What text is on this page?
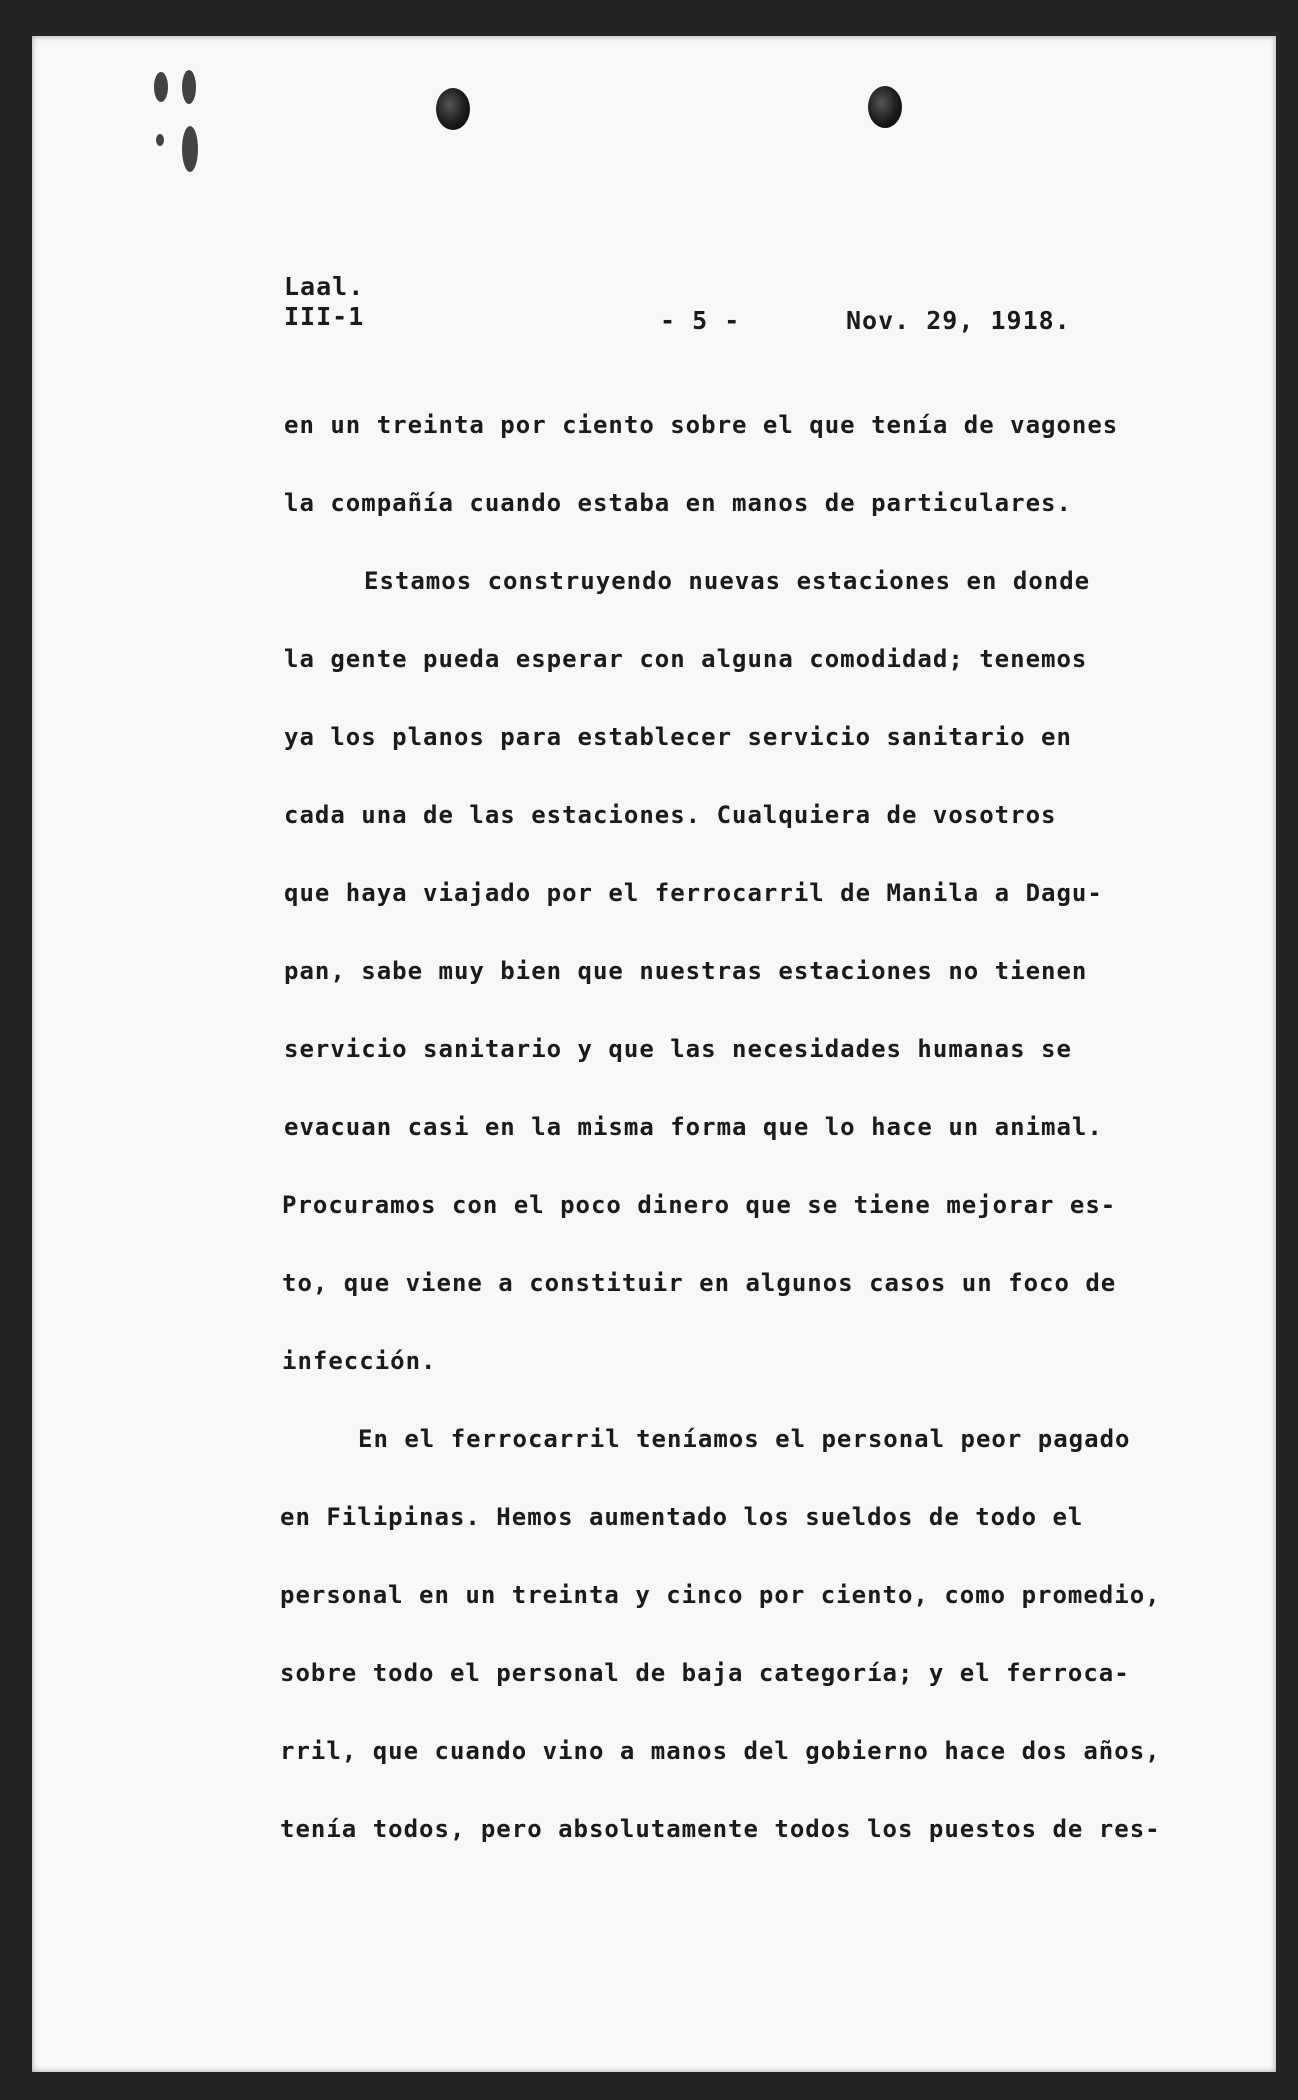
Laal.
III-1	- 5 -	Nov. 29, 1918.
en un treinta por ciento sobre el que tenía de vagones
la compañía cuando estaba en manos de particulares.
Estamos construyendo nuevas estaciones en donde
la gente pueda esperar con alguna comodidad; tenemos
ya los planos para establecer servicio sanitario en
cada una de las estaciones. Cualquiera de vosotros
que haya viajado por el ferrocarril de Manila a Dagu-
pan, sabe muy bien que nuestras estaciones no tienen
servicio sanitario y que las necesidades humanas se
evacuan casi en la misma forma que lo hace un animal.
Procuramos con el poco dinero que se tiene mejorar es-
to, que viene a constituir en algunos casos un foco de
infección.
En el ferrocarril teníamos el personal peor pagado
en Filipinas. Hemos aumentado los sueldos de todo el
personal en un treinta y cinco por ciento, como promedio,
sobre todo el personal de baja categoría; y el ferroca-
rril, que cuando vino a manos del gobierno hace dos años,
tenía todos, pero absolutamente todos los puestos de res-
